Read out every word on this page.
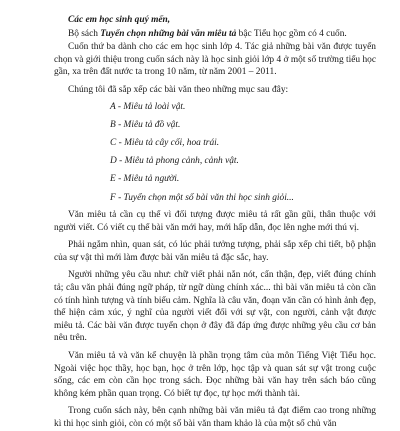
Các em học sinh quý mến,

Bộ sách Tuyển chọn những bài văn miêu tả bậc Tiểu học gồm có 4 cuốn.

Cuốn thứ ba dành cho các em học sinh lớp 4. Tác giả những bài văn được tuyển chọn và giới thiệu trong cuốn sách này là học sinh giỏi lớp 4 ở một số trường tiểu học gần, xa trên đất nước ta trong 10 năm, từ năm 2001 – 2011.

Chúng tôi đã sắp xếp các bài văn theo những mục sau đây:

A - Miêu tả loài vật.
B - Miêu tả đồ vật.
C - Miêu tả cây cối, hoa trái.
D - Miêu tả phong cảnh, cảnh vật.
E - Miêu tả người.
F - Tuyển chọn một số bài văn thi học sinh giỏi...

Văn miêu tả cần cụ thể vì đối tượng được miêu tả rất gần gũi, thân thuộc với người viết. Có viết cụ thể bài văn mới hay, mới hấp dẫn, đọc lên nghe mới thú vị.

Phải ngắm nhìn, quan sát, có lúc phải tưởng tượng, phải sắp xếp chi tiết, bộ phận của sự vật thì mới làm được bài văn miêu tả đặc sắc, hay.

Người những yêu cầu như: chữ viết phải nắn nót, cẩn thận, đẹp, viết đúng chính tả; câu văn phải đúng ngữ pháp, từ ngữ dùng chính xác... thì bài văn miêu tả còn cần có tính hình tượng và tính biểu cảm. Nghĩa là câu văn, đoạn văn cần có hình ảnh đẹp, thể hiện cảm xúc, ý nghĩ của người viết đối với sự vật, con người, cảnh vật được miêu tả. Các bài văn được tuyển chọn ở đây đã đáp ứng được những yêu cầu cơ bản nêu trên.

Văn miêu tả và văn kể chuyện là phần trọng tâm của môn Tiếng Việt Tiểu học. Ngoài việc học thầy, học bạn, học ở trên lớp, học tập và quan sát sự vật trong cuộc sống, các em còn cần học trong sách. Đọc những bài văn hay trên sách báo cũng không kém phần quan trọng. Có biết tự đọc, tự học mới thành tài.

Trong cuốn sách này, bên cạnh những bài văn miêu tả đạt điểm cao trong những kì thi học sinh giỏi, còn có một số bài văn tham khảo là của một số chủ văn
